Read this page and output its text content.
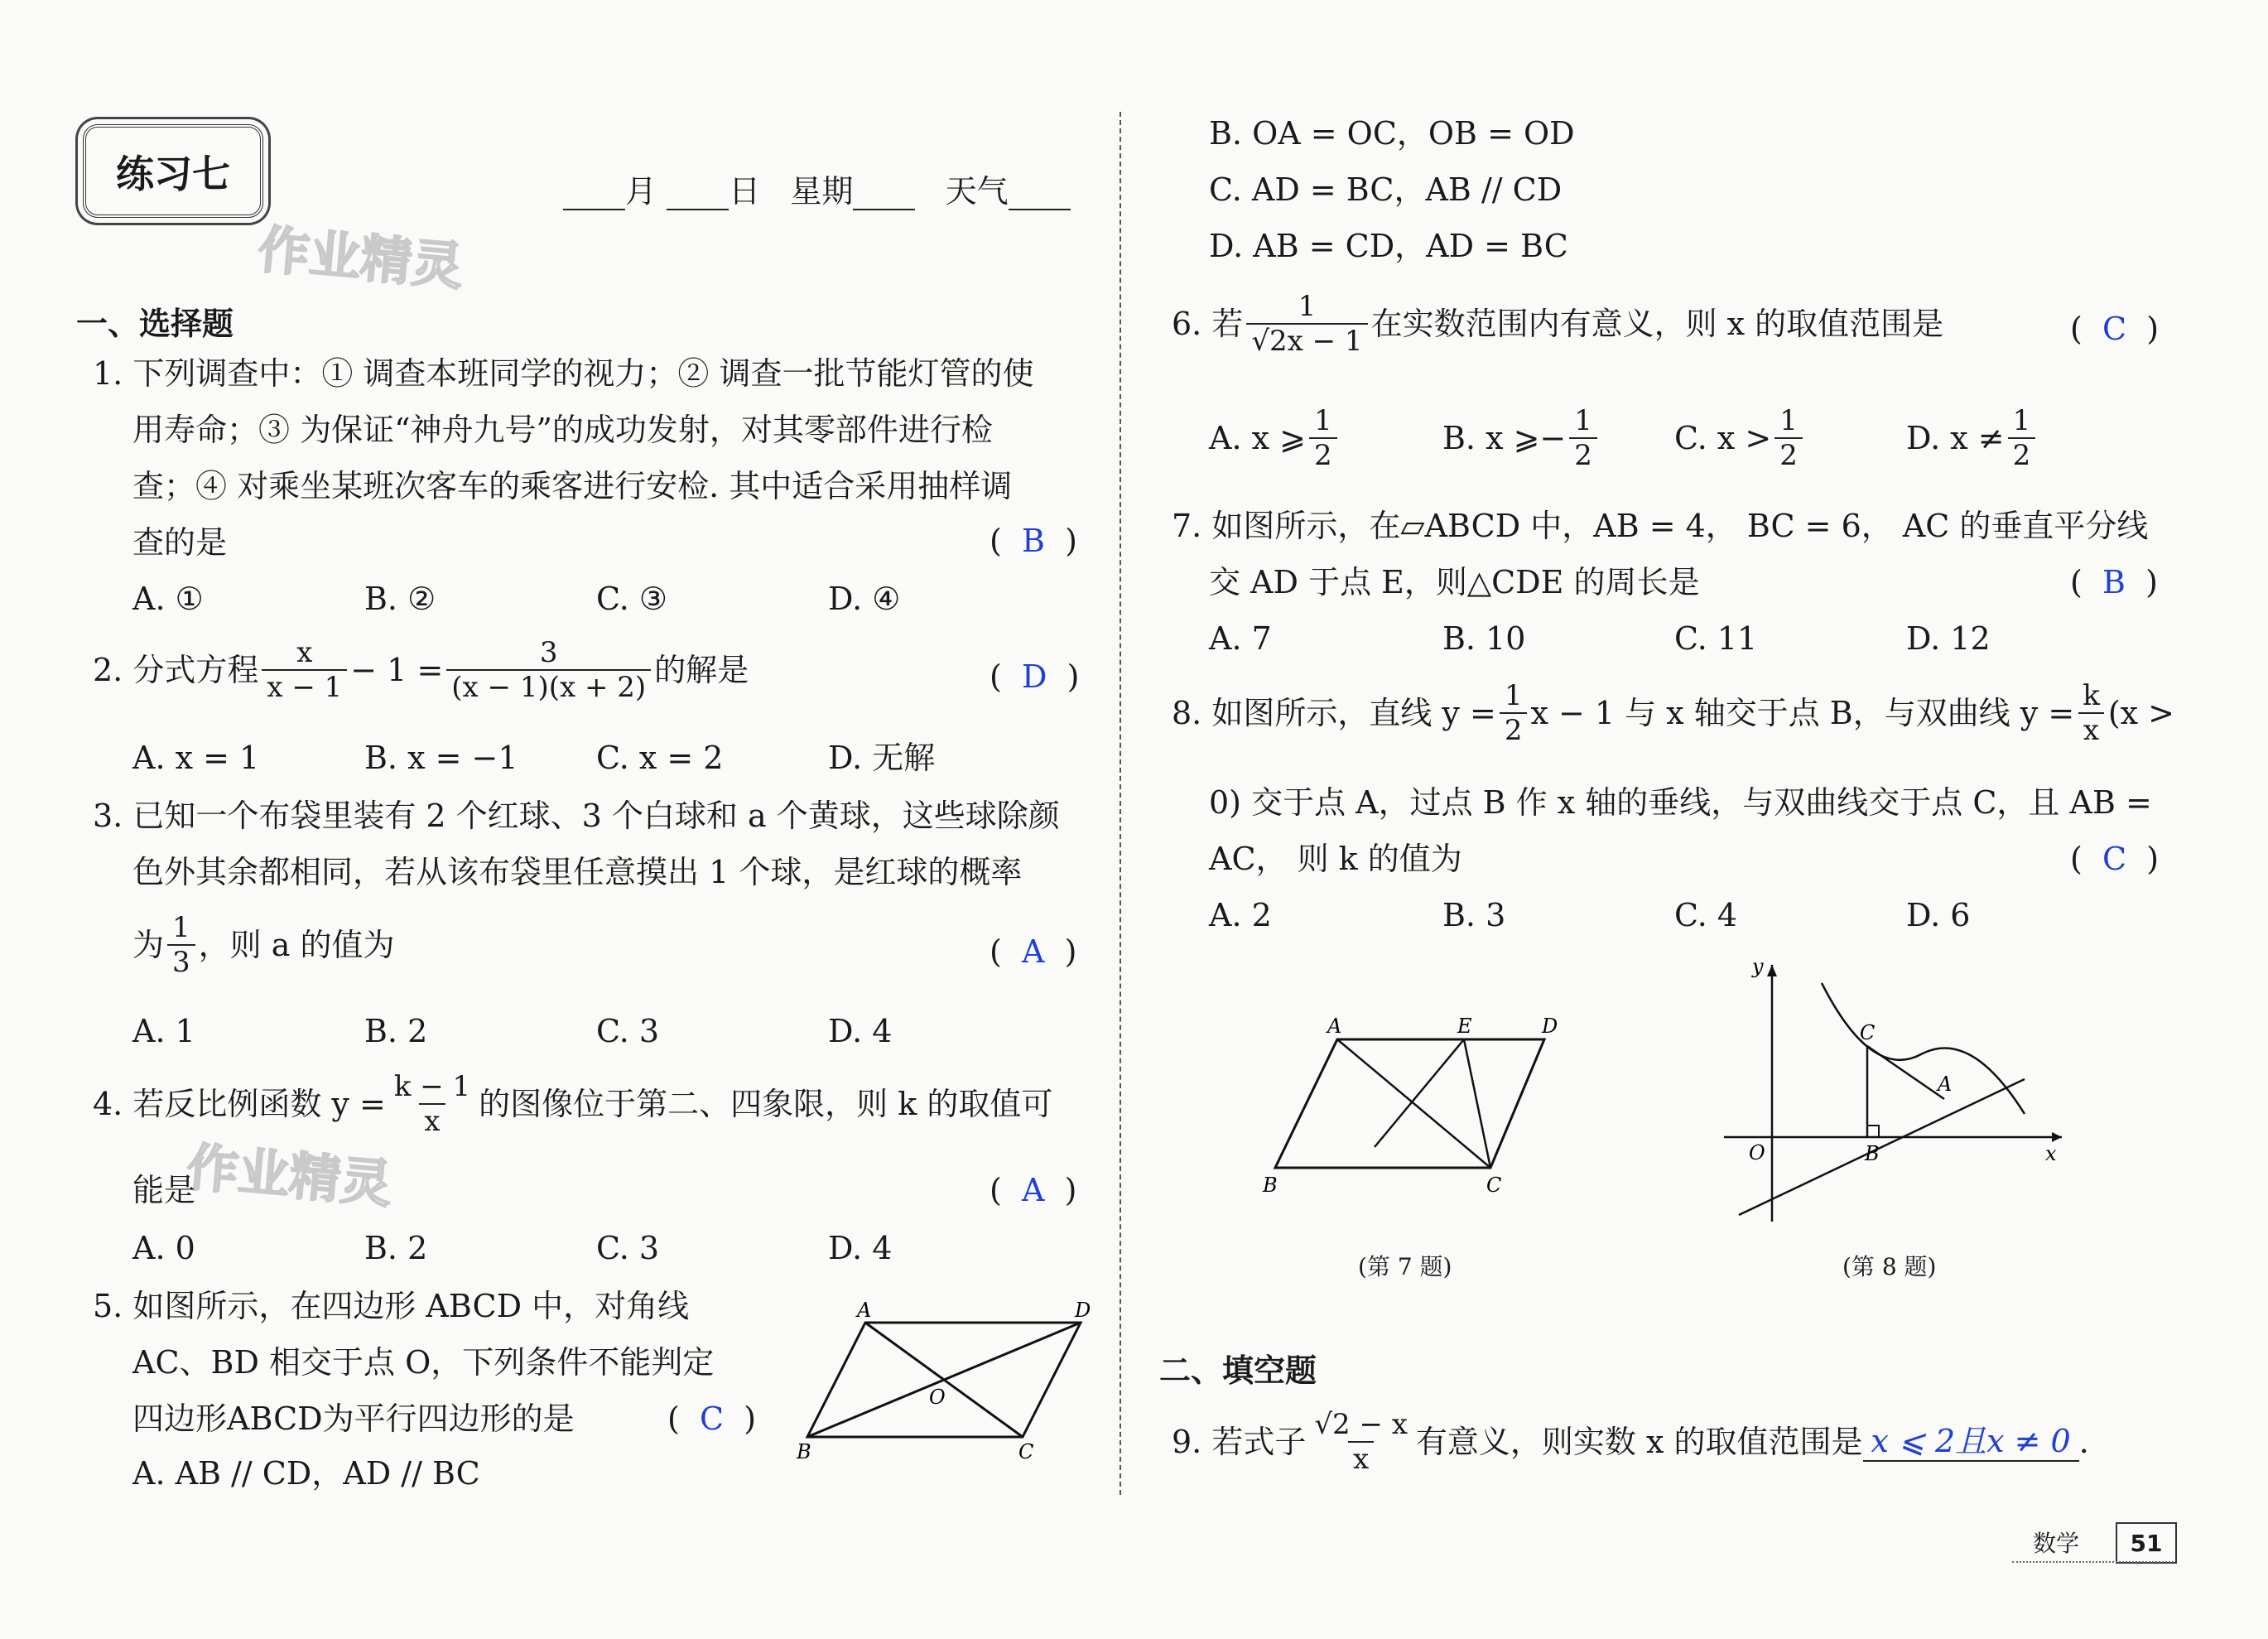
练习七	月 日 星期	天气
作业精灵
作业精灵
一、选择题
1. 下列调查中：① 调查本班同学的视力；② 调查一批节能灯管的使
用寿命；③ 为保证“神舟九号”的成功发射，对其零部件进行检
查；④ 对乘坐某班次客车的乘客进行安检. 其中适合采用抽样调
查的是	(  B  )
A. ①	B. ②	C. ③	D. ④
2. 分式方程 $\frac{x}{x - 1} - 1 = \frac{3}{(x - 1)(x + 2)}$ 的解是	(  D  )
A. x = 1	B. x = −1 C. x = 2	D. 无解
3. 已知一个布袋里装有 2 个红球、3 个白球和 a 个黄球，这些球除颜
色外其余都相同，若从该布袋里任意摸出 1 个球，是红球的概率
为 $\frac{1}{3}$ ，则 a 的值为	(  A  )
A. 1	B. 2	C. 3	D. 4
4. 若反比例函数 $y = \frac{k - 1}{x}$ 的图像位于第二、四象限，则 k 的取值可
能是	(  A  )
A. 0	B. 2	C. 3	D. 4
5. 如图所示，在四边形 ABCD 中，对角线
AC、BD 相交于点 O，下列条件不能判定
四边形ABCD为平行四边形的是	(  C  )
A. AB // CD，AD // BC
A	D
B	C
O
B. OA = OC，OB = OD
C. AD = BC，AB // CD
D. AB = CD，AD = BC
6. 若 $\frac{1}{√2x - 1}$ 在实数范围内有意义，则 x 的取值范围是	(  C  )
A. x ⩾ $\frac{1}{2}$	B. x ⩾− $\frac{1}{2} C$. $x > \frac{1}{2}$	D. $x \ne \frac{1}{2}$
7. 如图所示，在▱ABCD 中，AB = 4， BC = 6， AC 的垂直平分线
交 AD 于点 E，则△CDE 的周长是	(  B  )
A. 7	B. 10	C. 11	D. 12
8. 如图所示，直线 $y = \frac{1}{2}$ x − 1 与 x 轴交于点 B，与双曲线 $y = \frac{k}{x} (x$ >
0) 交于点 A，过点 B 作 x 轴的垂线，与双曲线交于点 C，且 AB =
AC， 则 k 的值为	(  C  )
A. 2	B. 3	C. 4	D. 6
A	E	D
B	C
(第 7 题)
y
x
O
C
A
B
(第 8 题)
二、填空题
9. 若式子 $\frac{√2 - x}{x}$ 有意义，则实数 x 的取值范围是 x ⩽ 2且x ≠ 0 .
数学 51
